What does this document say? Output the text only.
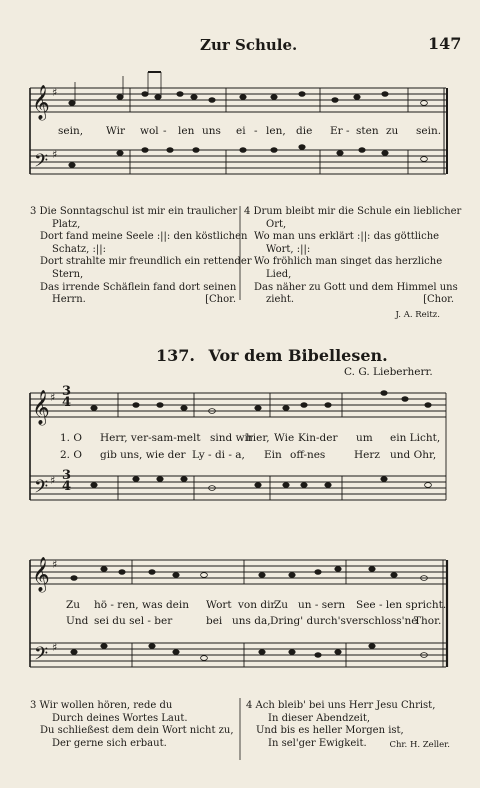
Zur Schule.	147
𝄞
𝄢
♯
♯
𝄞
𝄢
♯
♯
𝄞
𝄢
♯
♯
3
4
3
4
sein, Wir wol - len uns ei - len, die Er - sten zu sein.
3 Die Sonntagschul ist mir ein traulicher
Platz,
Dort fand meine Seele :||: den köstlichen
Schatz, :||:
Dort strahlte mir freundlich ein rettender
Stern,
Das irrende Schäflein fand dort seinen
Herrn.	[Chor.
4 Drum bleibt mir die Schule ein lieblicher
Ort,
Wo man uns erklärt :||: das göttliche
Wort, :||:
Wo fröhlich man singet das herzliche
Lied,
Das näher zu Gott und dem Himmel uns
zieht.	[Chor.
J. A. Reitz.
137. Vor dem Bibellesen.
C. G. Lieberherr.
1. O Herr, ver-sam-melt sind wir
hier, Wie Kin-der um ein Licht,
2. O gib uns, wie der Ly - di - a, Ein off-nes	Herz und Ohr,
Zu hö - ren, was dein Wort von dir
Zu un - sern See - len spricht.
Und sei du sel - ber	bei uns da, Dring' durch's verschloss'ne
Thor.
3 Wir wollen hören, rede du
Durch deines Wortes Laut.
Du schließest dem dein Wort nicht zu,
Der gerne sich erbaut.
4 Ach bleib' bei uns Herr Jesu Christ,
In dieser Abendzeit,
Und bis es heller Morgen ist,
In sel'ger Ewigkeit.	Chr. H. Zeller.
